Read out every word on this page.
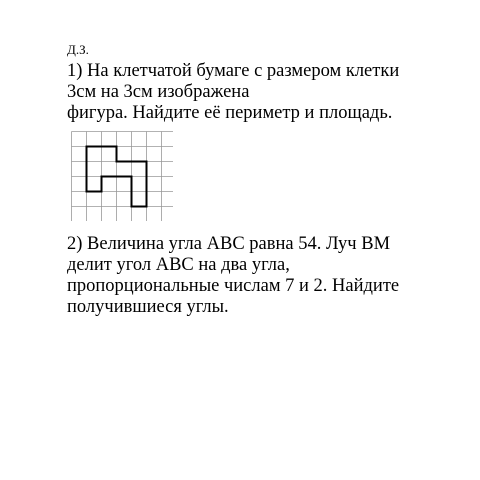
Д.З.
1) На клетчатой бумаге с размером клетки
3см на 3см изображена
фигура. Найдите её периметр и площадь.
2) Величина угла ABC равна 54. Луч BM
делит угол ABC на два угла,
пропорциональные числам 7 и 2. Найдите
получившиеся углы.
